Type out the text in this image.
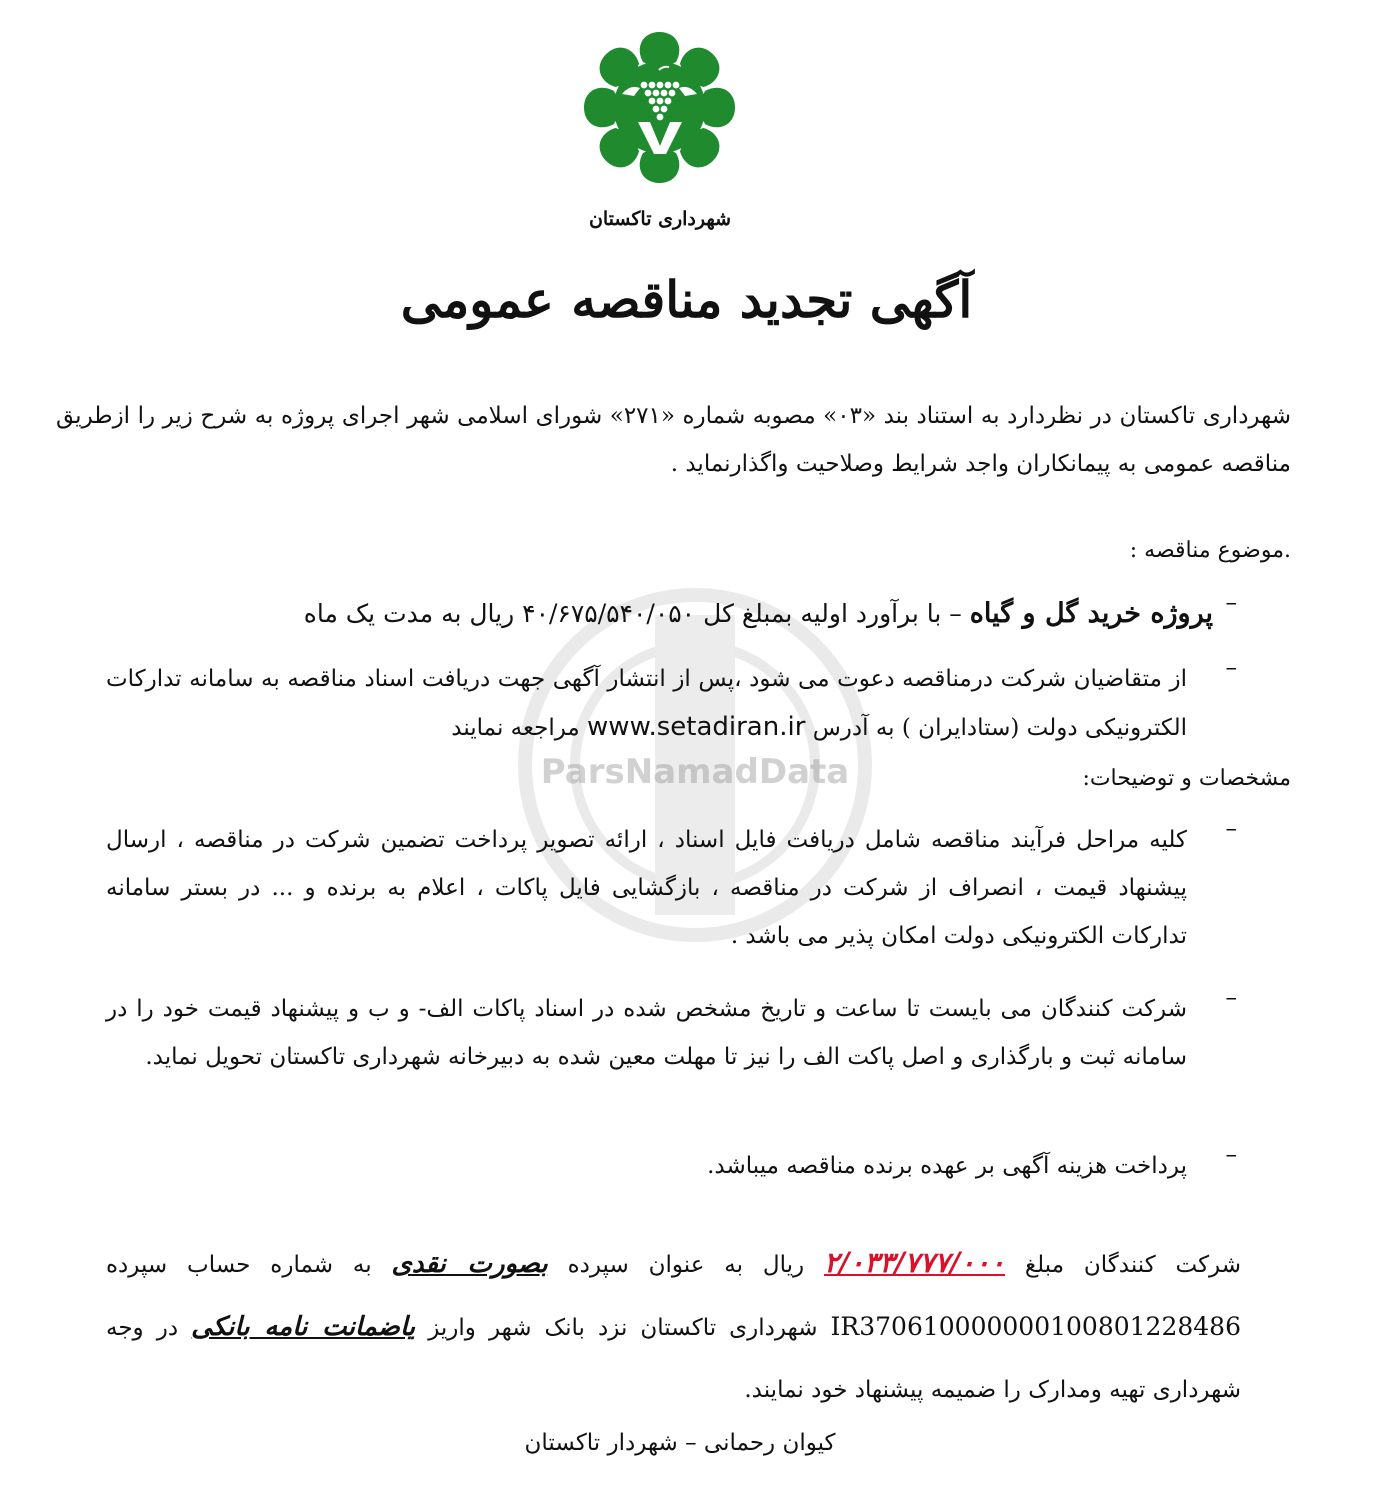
شهرداری تاکستان
آگهی تجدید مناقصه عمومی
ParsNamadData

شهرداری تاکستان در نظردارد به استناد بند «۰۳» مصوبه شماره «۲۷۱» شورای اسلامی شهر اجرای پروژه به شرح زیر را ازطریق مناقصه عمومی به پیمانکاران واجد شرایط وصلاحیت واگذارنماید .

.موضوع مناقصه :
–
پروژه خرید گل و گیاه – با برآورد اولیه بمبلغ کل ۴۰/۶۷۵/۵۴۰/۰۵۰ ریال به مدت یک ماه
–
از متقاضیان شرکت درمناقصه دعوت می شود ،پس از انتشار آگهی جهت دریافت اسناد مناقصه به سامانه تدارکات الکترونیکی دولت (ستادایران ) به آدرس www.setadiran.ir مراجعه نمایند
مشخصات و توضیحات:
–
کلیه مراحل فرآیند مناقصه شامل دریافت فایل اسناد ، ارائه تصویر پرداخت تضمین شرکت در مناقصه ، ارسال پیشنهاد قیمت ، انصراف از شرکت در مناقصه ، بازگشایی فایل پاکات ، اعلام به برنده و ... در بستر سامانه تدارکات الکترونیکی دولت امکان پذیر می باشد .
–
شرکت کنندگان می بایست تا ساعت و تاریخ مشخص شده در اسناد پاکات الف- و ب و پیشنهاد قیمت خود را در سامانه ثبت و بارگذاری و اصل پاکت الف را نیز تا مهلت معین شده به دبیرخانه شهرداری تاکستان تحویل نماید.
–
پرداخت هزینه آگهی بر عهده برنده مناقصه میباشد.

شرکت کنندگان مبلغ ۲/۰۳۳/۷۷۷/۰۰۰ ریال به عنوان سپرده بصورت نقدی به شماره حساب سپرده IR370610000000100801228486 شهرداری تاکستان نزد بانک شهر واریز یاضمانت نامه بانکی در وجه شهرداری تهیه ومدارک را ضمیمه پیشنهاد خود نمایند.

کیوان رحمانی – شهردار تاکستان
